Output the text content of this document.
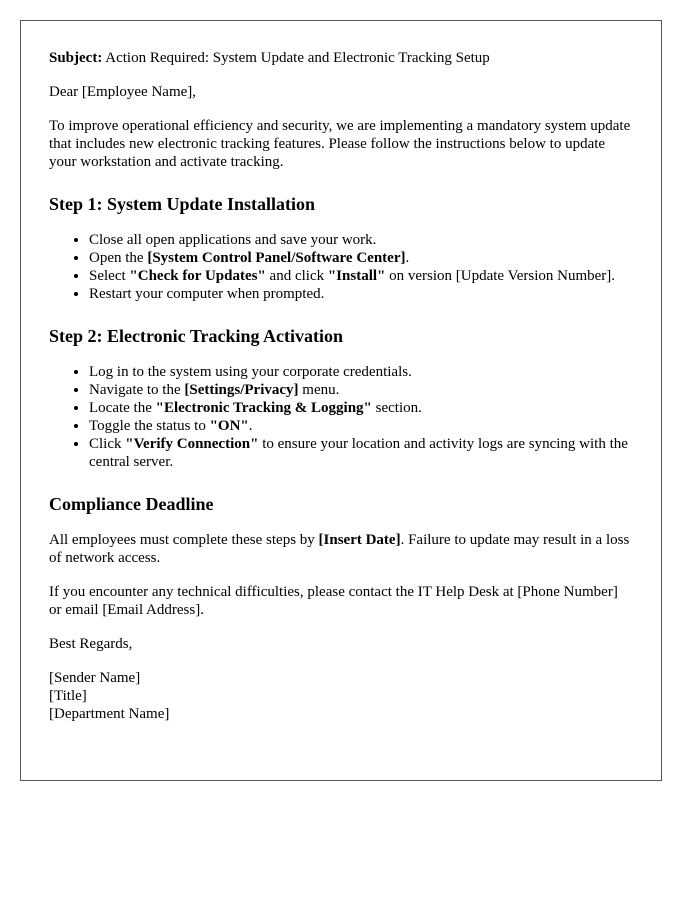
Subject: Action Required: System Update and Electronic Tracking Setup

Dear [Employee Name],

To improve operational efficiency and security, we are implementing a mandatory system update that includes new electronic tracking features. Please follow the instructions below to update your workstation and activate tracking.

Step 1: System Update Installation
• Close all open applications and save your work.
• Open the [System Control Panel/Software Center].
• Select "Check for Updates" and click "Install" on version [Update Version Number].
• Restart your computer when prompted.
Step 2: Electronic Tracking Activation
• Log in to the system using your corporate credentials.
• Navigate to the [Settings/Privacy] menu.
• Locate the "Electronic Tracking & Logging" section.
• Toggle the status to "ON".
• Click "Verify Connection" to ensure your location and activity logs are syncing with the central server.
Compliance Deadline

All employees must complete these steps by [Insert Date]. Failure to update may result in a loss of network access.

If you encounter any technical difficulties, please contact the IT Help Desk at [Phone Number] or email [Email Address].

Best Regards,

[Sender Name]
[Title]
[Department Name]
